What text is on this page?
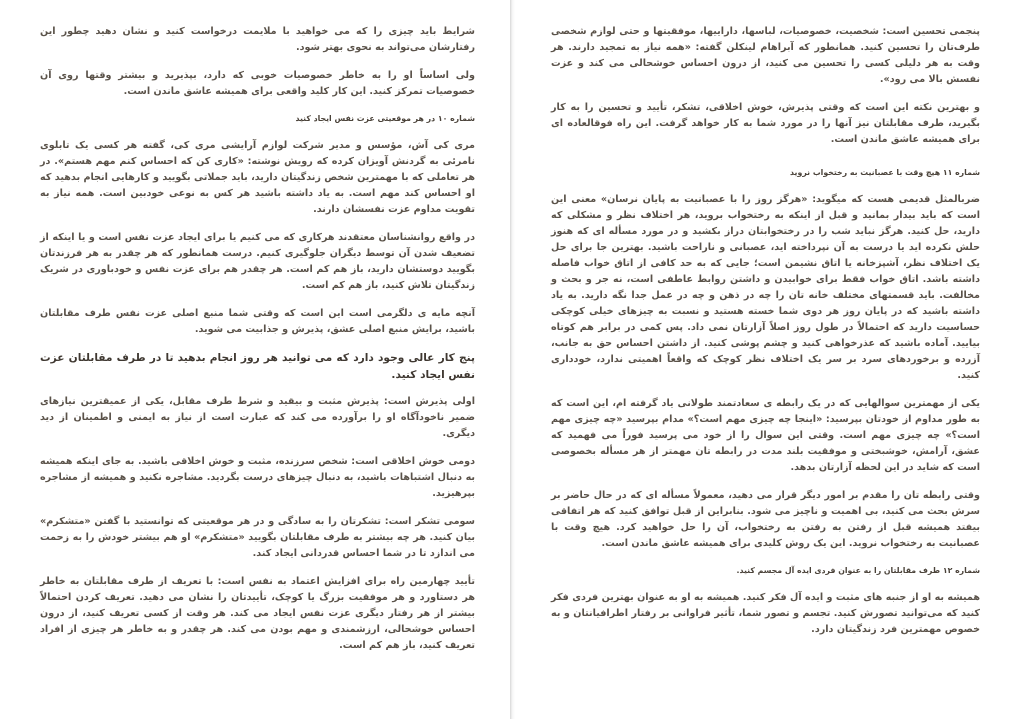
پنجمی تحسین است: شخصیت، خصوصیات، لباسها، داراییها، موفقیتها و حتی لوازم شخصی طرف‌تان را تحسین کنید. همانطور که آبراهام لینکلن گفته: «همه نیاز به تمجید دارند. هر وقت به هر دلیلی کسی را تحسین می کنید، از درون احساس خوشحالی می کند و عزت نفسش بالا می رود».

و بهترین نکته این است که وقتی پذیرش، خوش اخلاقی، تشکر، تأیید و تحسین را به کار بگیرید، طرف مقابلتان نیز آنها را در مورد شما به کار خواهد گرفت. این راه فوقالعاده ای برای همیشه عاشق ماندن است.

شماره ۱۱ هیچ وقت با عصبانیت به رختخواب نروید

ضربالمثل قدیمی هست که میگوید: «هرگز روز را با عصبانیت به پایان نرسان» معنی این است که باید بیدار بمانید و قبل از اینکه به رختخواب بروید، هر اختلاف نظر و مشکلی که دارید، حل کنید. هرگز نباید شب را در رختخوابتان دراز بکشید و در مورد مسأله ای که هنوز حلش نکرده اید یا درست به آن نپرداخته اید، عصبانی و ناراحت باشید. بهترین جا برای حل یک اختلاف نظر، آشپزخانه یا اتاق نشیمن است؛ جایی که به حد کافی از اتاق خواب فاصله داشته باشد. اتاق خواب فقط برای خوابیدن و داشتن روابط عاطفی است، نه جر و بحث و مخالفت. باید قسمتهای مختلف خانه تان را چه در ذهن و چه در عمل جدا نگه دارید. به یاد داشته باشید که در پایان روز هر دوی شما خسته هستید و نسبت به چیزهای خیلی کوچکی حساسیت دارید که احتمالاً در طول روز اصلاً آزارتان نمی داد. پس کمی در برابر هم کوتاه بیایید. آماده باشید که عذرخواهی کنید و چشم پوشی کنید. از داشتن احساس حق به جانب، آزرده و برخوردهای سرد بر سر یک اختلاف نظر کوچک که واقعاً اهمیتی ندارد، خودداری کنید.

یکی از مهمترین سوالهایی که در یک رابطه ی سعادتمند طولانی یاد گرفته ام، این است که به طور مداوم از خودتان بپرسید: «اینجا چه چیزی مهم است؟» مدام بپرسید «چه چیزی مهم است؟» چه چیزی مهم است. وقتی این سوال را از خود می پرسید فوراً می فهمید که عشق، آرامش، خوشبختی و موفقیت بلند مدت در رابطه تان مهمتر از هر مسأله بخصوصی است که شاید در این لحظه آزارتان بدهد.

وقتی رابطه تان را مقدم بر امور دیگر قرار می دهید، معمولاً مسأله ای که در حال حاضر بر سرش بحث می کنید، بی اهمیت و ناچیز می شود. بنابراین از قبل توافق کنید که هر اتفاقی بیفتد همیشه قبل از رفتن به رفتن به رختخواب، آن را حل خواهید کرد. هیچ وقت با عصبانیت به رختخواب نروید. این یک روش کلیدی برای همیشه عاشق ماندن است.

شماره ۱۲ طرف مقابلتان را به عنوان فردی ایده آل مجسم کنید.

همیشه به او از جنبه های مثبت و ایده آل فکر کنید. همیشه به او به عنوان بهترین فردی فکر کنید که می‌توانید تصورش کنید. تجسم و تصور شما، تأثیر فراوانی بر رفتار اطرافیانتان و به خصوص مهمترین فرد زندگیتان دارد.

شرایط باید چیزی را که می خواهید با ملایمت درخواست کنید و نشان دهید چطور این رفتارشان می‌تواند به نحوی بهتر شود.

ولی اساساً او را به خاطر خصوصیات خوبی که دارد، بپذیرید و بیشتر وقتها روی آن خصوصیات تمرکز کنید. این کار کلید واقعی برای همیشه عاشق ماندن است.

شماره ۱۰ در هر موقعیتی عزت نفس ایجاد کنید

مری کی آش، مؤسس و مدیر شرکت لوازم آرایشی مری کی، گفته هر کسی یک تابلوی نامرئی به گردنش آویزان کرده که رویش نوشته: «کاری کن که احساس کنم مهم هستم». در هر تعاملی که با مهمترین شخص زندگیتان دارید، باید جملاتی بگویید و کارهایی انجام بدهید که او احساس کند مهم است. به یاد داشته باشید هر کس به نوعی خودبین است. همه نیاز به تقویت مداوم عزت نفسشان دارند.

در واقع روانشناسان معتقدند هرکاری که می کنیم یا برای ایجاد عزت نفس است و یا اینکه از تضعیف شدن آن توسط دیگران جلوگیری کنیم. درست همانطور که هر چقدر به هر فرزندتان بگویید دوستشان دارید، باز هم کم است. هر چقدر هم برای عزت نفس و خودباوری در شریک زندگیتان تلاش کنید، باز هم کم است.

آنچه مایه ی دلگرمی است این است که وقتی شما منبع اصلی عزت نفس طرف مقابلتان باشید، برایش منبع اصلی عشق، پذیرش و جذابیت می شوید.

پنج کار عالی وجود دارد که می توانید هر روز انجام بدهید تا در طرف مقابلتان عزت نفس ایجاد کنید.

اولی پذیرش است: پذیرش مثبت و بیقید و شرط طرف مقابل، یکی از عمیقترین نیازهای ضمیر ناخودآگاه او را برآورده می کند که عبارت است از نیاز به ایمنی و اطمینان از دید دیگری.

دومی خوش اخلاقی است: شخص سرزنده، مثبت و خوش اخلاقی باشید. به جای اینکه همیشه به دنبال اشتباهات باشید، به دنبال چیزهای درست بگردید. مشاجره نکنید و همیشه از مشاجره بپرهیزید.

سومی تشکر است: تشکرتان را به سادگی و در هر موقعیتی که توانستید با گفتن «متشکرم» بیان کنید. هر چه بیشتر به طرف مقابلتان بگویید «متشکرم» او هم بیشتر خودش را به زحمت می اندازد تا در شما احساس قدردانی ایجاد کند.

تأیید چهارمین راه برای افزایش اعتماد به نفس است: با تعریف از طرف مقابلتان به خاطر هر دستاورد و هر موفقیت بزرگ یا کوچک، تأییدتان را نشان می دهید. تعریف کردن احتمالاً بیشتر از هر رفتار دیگری عزت نفس ایجاد می کند. هر وقت از کسی تعریف کنید، از درون احساس خوشحالی، ارزشمندی و مهم بودن می کند. هر چقدر و به خاطر هر چیزی از افراد تعریف کنید، باز هم کم است.
